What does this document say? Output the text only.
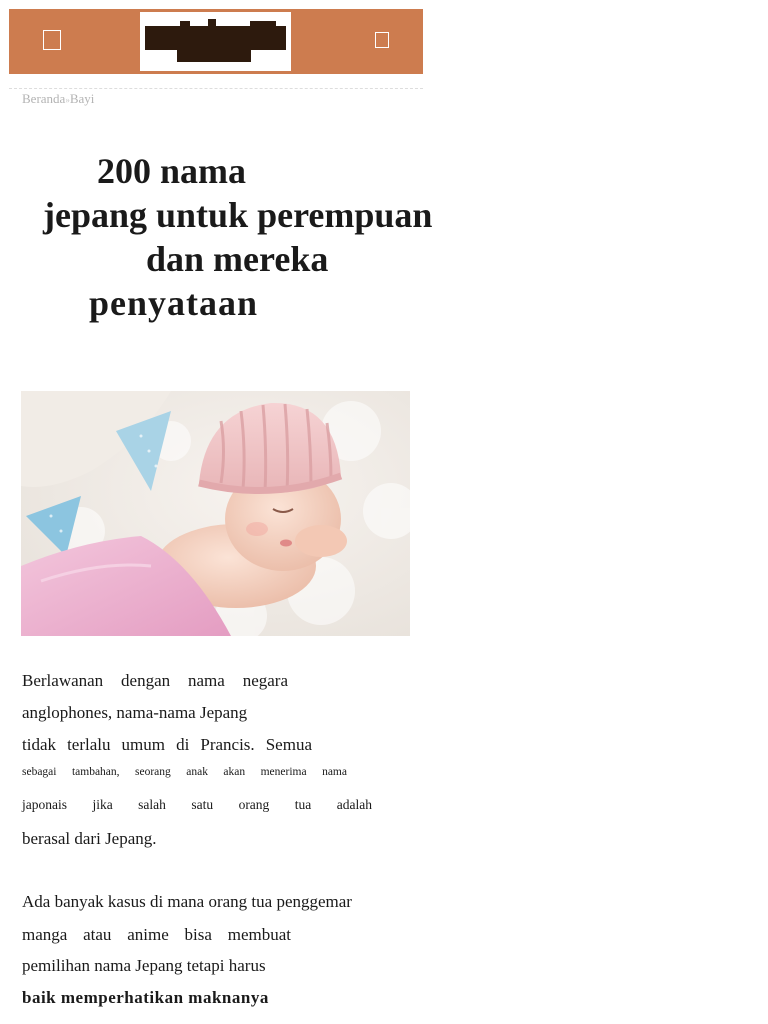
Beranda»Bayi
200 nama
jepang untuk perempuan
dan mereka
penyataan
Berlawanan dengan nama negara
anglophones, nama-nama Jepang
tidak terlalu umum di Prancis. Semua
sebagai tambahan, seorang anak akan menerima nama
japonais jika salah satu orang tua adalah
berasal dari Jepang.
Ada banyak kasus di mana orang tua penggemar
manga atau anime bisa membuat
pemilihan nama Jepang tetapi harus
baik memperhatikan maknanya
